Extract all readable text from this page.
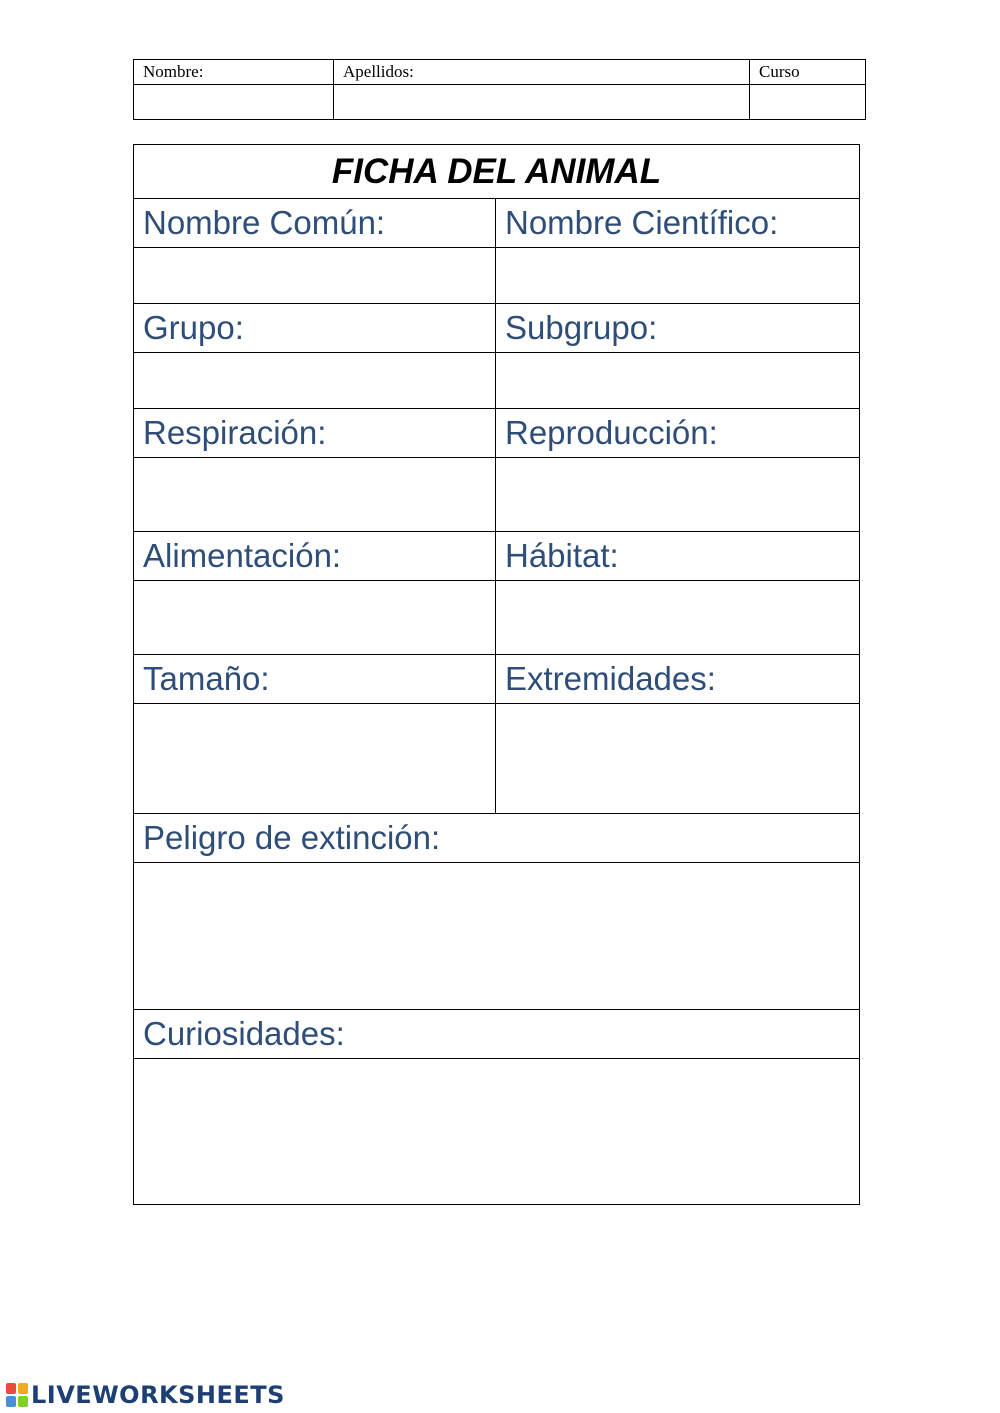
Nombre:	Apellidos:	Curso

FICHA DEL ANIMAL	
Nombre Común:	Nombre Científico:

Grupo:	Subgrupo:

Respiración:	Reproducción:

Alimentación:	Hábitat:

Tamaño:	Extremidades:

Peligro de extinción:	

Curiosidades:	

LIVEWORKSHEETS
